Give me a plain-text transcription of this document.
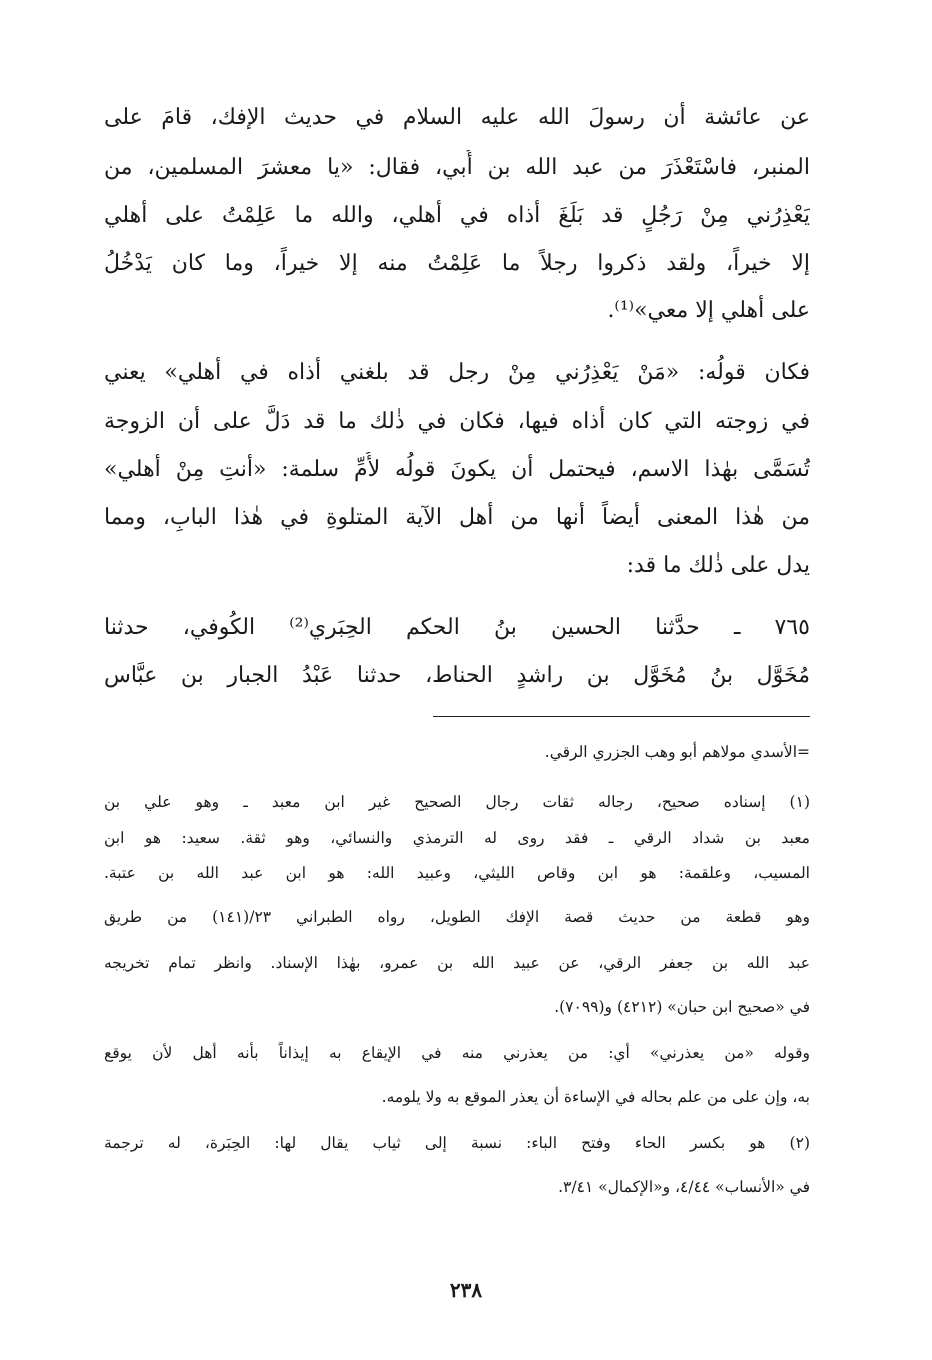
عن عائشة أن رسولَ الله عليه السلام في حديث الإفك، قامَ على
المنبر، فاسْتَعْذَرَ من عبد الله بن أُبي، فقال: «يا معشرَ المسلمين، من
يَعْذِرُني مِنْ رَجُلٍ قد بَلَغَ أذاه في أهلي، والله ما عَلِمْتُ على أهلي
إلا خيراً، ولقد ذكروا رجلاً ما عَلِمْتُ منه إلا خيراً، وما كان يَدْخُلُ
على أهلي إلا معي»⁽¹⁾.
فكان قولُه: «مَنْ يَعْذِرُني مِنْ رجل قد بلغني أذاه في أهلي» يعني
في زوجته التي كان أذاه فيها، فكان في ذٰلك ما قد دَلَّ على أن الزوجة
تُسَمَّى بهٰذا الاسم، فيحتمل أن يكونَ قولُه لأُمِّ سلمة: «أنتِ مِنْ أهلي»
من هٰذا المعنى أيضاً أنها من أهل الآية المتلوةِ في هٰذا البابِ، ومما
يدل على ذٰلك ما قد:
٧٦٥ ـ حدَّثنا الحسين بنُ الحكم الحِبَري⁽²⁾ الكُوفي، حدثنا
مُخَوَّل بنُ مُخَوَّل بن راشدٍ الحناط، حدثنا عَبْدُ الجبار بن عبَّاس
=الأسدي مولاهم أبو وهب الجزري الرقي.
(١) إسناده صحيح، رجاله ثقات رجال الصحيح غير ابن معبد ـ وهو علي بن
معبد بن شداد الرقي ـ فقد روى له الترمذي والنسائي، وهو ثقة. سعيد: هو ابن
المسيب، وعلقمة: هو ابن وقاص الليثي، وعبيد الله: هو ابن عبد الله بن عتبة.
وهو قطعة من حديث قصة الإفك الطويل، رواه الطبراني ٢٣/(١٤١) من طريق
عبد الله بن جعفر الرقي، عن عبيد الله بن عمرو، بهٰذا الإسناد. وانظر تمام تخريجه
في «صحيح ابن حبان» (٤٢١٢) و(٧٠٩٩).
وقوله «من يعذرني» أي: من يعذرني منه في الإيقاع به إيذاناً بأنه أهل لأن يوقع
به، وإن على من علم بحاله في الإساءة أن يعذر الموقع به ولا يلومه.
(٢) هو بكسر الحاء وفتح الباء: نسبة إلى ثياب يقال لها: الحِبَرة، له ترجمة
في «الأنساب» ٤/٤٤، و«الإكمال» ٣/٤١.
٢٣٨
